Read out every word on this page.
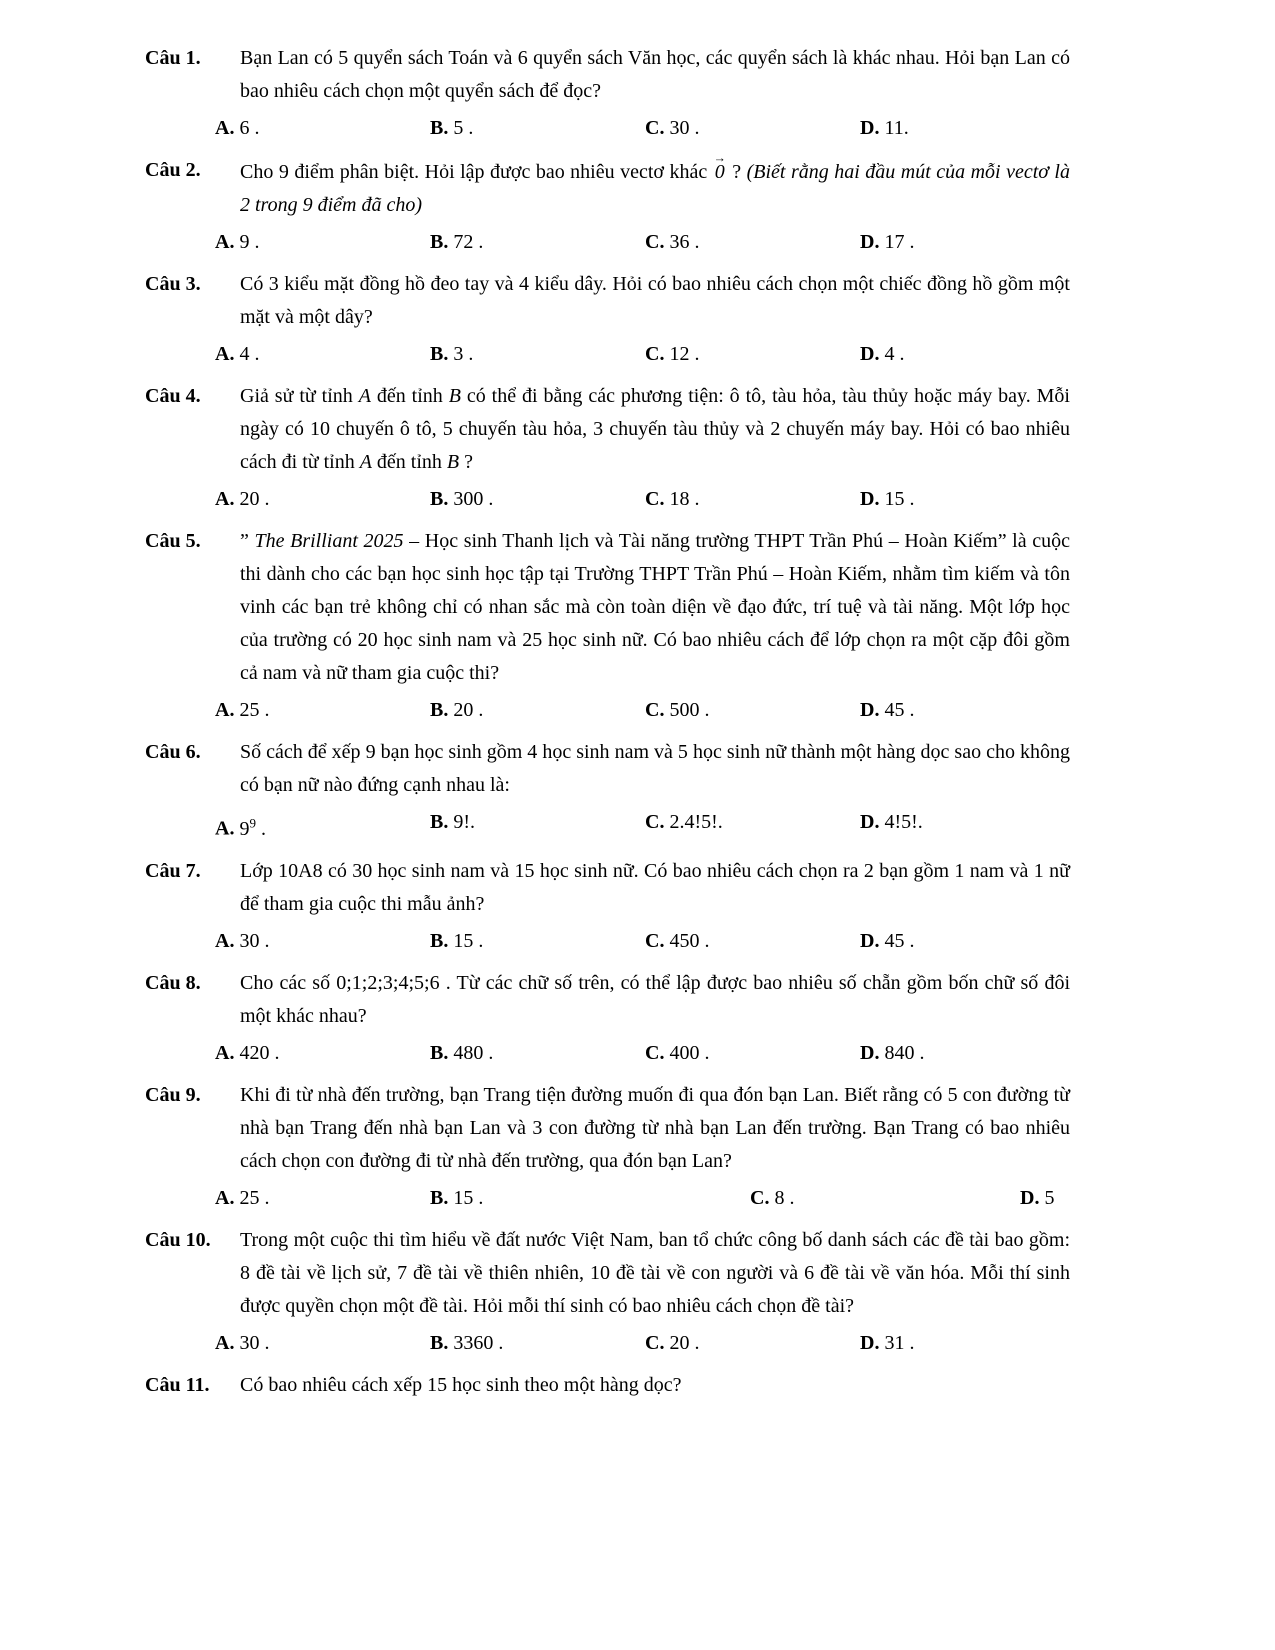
Câu 1.	Bạn Lan có 5 quyển sách Toán và 6 quyển sách Văn học, các quyển sách là khác nhau. Hỏi bạn Lan có bao nhiêu cách chọn một quyển sách để đọc?
A. 6 .	B. 5 .	C. 30 .	D. 11.
Câu 2.	Cho 9 điểm phân biệt. Hỏi lập được bao nhiêu vectơ khác → 0 ? (Biết rằng hai đầu mút của mỗi vectơ là 2 trong 9 điểm đã cho)
A. 9 .	B. 72 .	C. 36 .	D. 17 .
Câu 3.	Có 3 kiểu mặt đồng hồ đeo tay và 4 kiểu dây. Hỏi có bao nhiêu cách chọn một chiếc đồng hồ gồm một mặt và một dây?
A. 4 .	B. 3 .	C. 12 .	D. 4 .
Câu 4.	Giả sử từ tỉnh A đến tỉnh B có thể đi bằng các phương tiện: ô tô, tàu hỏa, tàu thủy hoặc máy bay. Mỗi ngày có 10 chuyến ô tô, 5 chuyến tàu hỏa, 3 chuyến tàu thủy và 2 chuyến máy bay. Hỏi có bao nhiêu cách đi từ tỉnh A đến tỉnh B ?
A. 20 .	B. 300 .	C. 18 .	D. 15 .
Câu 5.	” The Brilliant 2025 – Học sinh Thanh lịch và Tài năng trường THPT Trần Phú – Hoàn Kiếm” là cuộc thi dành cho các bạn học sinh học tập tại Trường THPT Trần Phú – Hoàn Kiếm, nhằm tìm kiếm và tôn vinh các bạn trẻ không chỉ có nhan sắc mà còn toàn diện về đạo đức, trí tuệ và tài năng. Một lớp học của trường có 20 học sinh nam và 25 học sinh nữ. Có bao nhiêu cách để lớp chọn ra một cặp đôi gồm cả nam và nữ tham gia cuộc thi?
A. 25 .	B. 20 .	C. 500 .	D. 45 .
Câu 6.	Số cách để xếp 9 bạn học sinh gồm 4 học sinh nam và 5 học sinh nữ thành một hàng dọc sao cho không có bạn nữ nào đứng cạnh nhau là:
A. $9^9$ .	B. 9!.	C. 2.4!5!.	D. 4!5!.
Câu 7.	Lớp 10A8 có 30 học sinh nam và 15 học sinh nữ. Có bao nhiêu cách chọn ra 2 bạn gồm 1 nam và 1 nữ để tham gia cuộc thi mẫu ảnh?
A. 30 .	B. 15 .	C. 450 .	D. 45 .
Câu 8.	Cho các số 0;1;2;3;4;5;6 . Từ các chữ số trên, có thể lập được bao nhiêu số chẵn gồm bốn chữ số đôi một khác nhau?
A. 420 .	B. 480 .	C. 400 .	D. 840 .
Câu 9.	Khi đi từ nhà đến trường, bạn Trang tiện đường muốn đi qua đón bạn Lan. Biết rằng có 5 con đường từ nhà bạn Trang đến nhà bạn Lan và 3 con đường từ nhà bạn Lan đến trường. Bạn Trang có bao nhiêu cách chọn con đường đi từ nhà đến trường, qua đón bạn Lan?
A. 25 .	B. 15 .	C. 8 .	D. 5
Câu 10.	Trong một cuộc thi tìm hiểu về đất nước Việt Nam, ban tổ chức công bố danh sách các đề tài bao gồm: 8 đề tài về lịch sử, 7 đề tài về thiên nhiên, 10 đề tài về con người và 6 đề tài về văn hóa. Mỗi thí sinh được quyền chọn một đề tài. Hỏi mỗi thí sinh có bao nhiêu cách chọn đề tài?
A. 30 .	B. 3360 .	C. 20 .	D. 31 .
Câu 11.	Có bao nhiêu cách xếp 15 học sinh theo một hàng dọc?
